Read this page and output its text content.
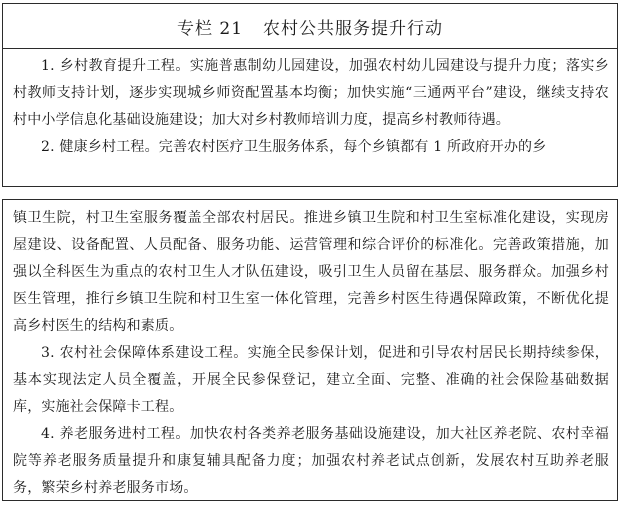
专栏 21 农村公共服务提升行动

1. 乡村教育提升工程。实施普惠制幼儿园建设，加强农村幼儿园建设与提升力度；落实乡村教师支持计划，逐步实现城乡师资配置基本均衡；加快实施“三通两平台”建设，继续支持农村中小学信息化基础设施建设；加大对乡村教师培训力度，提高乡村教师待遇。

2. 健康乡村工程。完善农村医疗卫生服务体系，每个乡镇都有 1 所政府开办的乡

镇卫生院，村卫生室服务覆盖全部农村居民。推进乡镇卫生院和村卫生室标准化建设，实现房屋建设、设备配置、人员配备、服务功能、运营管理和综合评价的标准化。完善政策措施，加强以全科医生为重点的农村卫生人才队伍建设，吸引卫生人员留在基层、服务群众。加强乡村医生管理，推行乡镇卫生院和村卫生室一体化管理，完善乡村医生待遇保障政策，不断优化提高乡村医生的结构和素质。

3. 农村社会保障体系建设工程。实施全民参保计划，促进和引导农村居民长期持续参保，基本实现法定人员全覆盖，开展全民参保登记，建立全面、完整、准确的社会保险基础数据库，实施社会保障卡工程。

4. 养老服务进村工程。加快农村各类养老服务基础设施建设，加大社区养老院、农村幸福院等养老服务质量提升和康复辅具配备力度；加强农村养老试点创新，发展农村互助养老服务，繁荣乡村养老服务市场。
